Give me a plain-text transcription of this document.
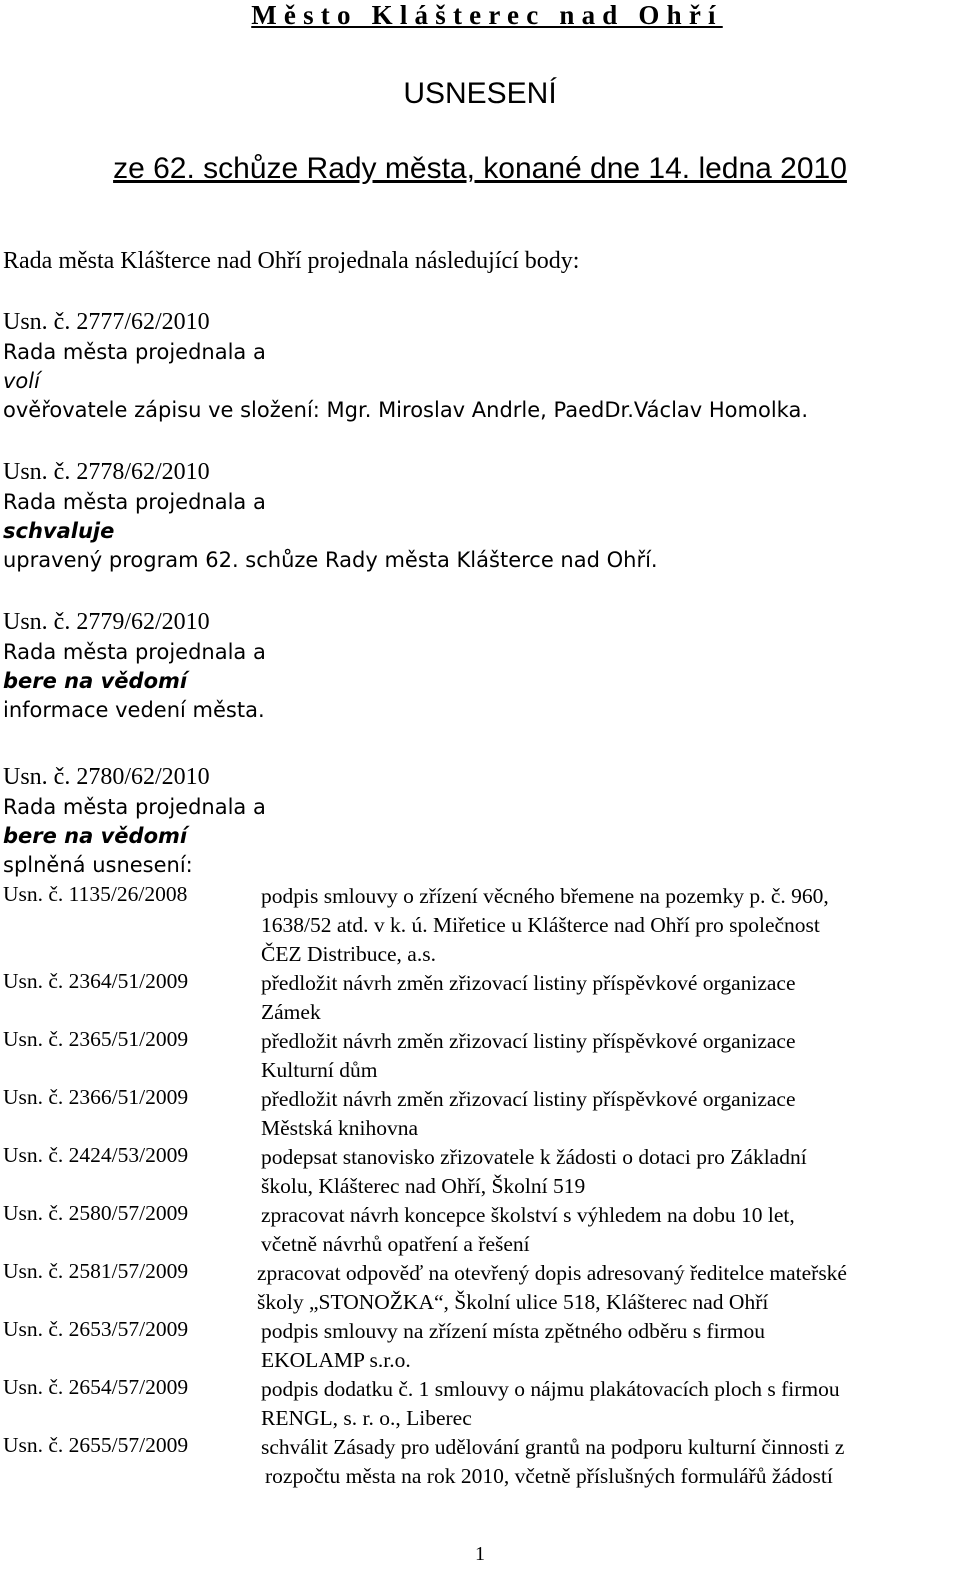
Město Klášterec nad Ohří
USNESENÍ
ze 62. schůze Rady města, konané dne 14. ledna 2010
Rada města Klášterce nad Ohří projednala následující body:
Usn. č. 2777/62/2010
Rada města projednala a
volí
ověřovatele zápisu ve složení: Mgr. Miroslav Andrle, PaedDr.Václav Homolka.
Usn. č. 2778/62/2010
Rada města projednala a
schvaluje
upravený program 62. schůze Rady města Klášterce nad Ohří.
Usn. č. 2779/62/2010
Rada města projednala a
bere na vědomí
informace vedení města.
Usn. č. 2780/62/2010
Rada města projednala a
bere na vědomí
splněná usnesení:
Usn. č. 1135/26/2008	podpis smlouvy o zřízení věcného břemene na pozemky p. č. 960,
1638/52 atd. v k. ú. Miřetice u Klášterce nad Ohří pro společnost
ČEZ Distribuce, a.s.
Usn. č. 2364/51/2009	předložit návrh změn zřizovací listiny příspěvkové organizace
Zámek
Usn. č. 2365/51/2009	předložit návrh změn zřizovací listiny příspěvkové organizace
Kulturní dům
Usn. č. 2366/51/2009	předložit návrh změn zřizovací listiny příspěvkové organizace
Městská knihovna
Usn. č. 2424/53/2009	podepsat stanovisko zřizovatele k žádosti o dotaci pro Základní
školu, Klášterec nad Ohří, Školní 519
Usn. č. 2580/57/2009	zpracovat návrh koncepce školství s výhledem na dobu 10 let,
včetně návrhů opatření a řešení
Usn. č. 2581/57/2009	zpracovat odpověď na otevřený dopis adresovaný ředitelce mateřské
školy „STONOŽKA“, Školní ulice 518, Klášterec nad Ohří
Usn. č. 2653/57/2009	podpis smlouvy na zřízení místa zpětného odběru s firmou
EKOLAMP s.r.o.
Usn. č. 2654/57/2009	podpis dodatku č. 1 smlouvy o nájmu plakátovacích ploch s firmou
RENGL, s. r. o., Liberec
Usn. č. 2655/57/2009	schválit Zásady pro udělování grantů na podporu kulturní činnosti z
rozpočtu města na rok 2010, včetně příslušných formulářů žádostí
1
